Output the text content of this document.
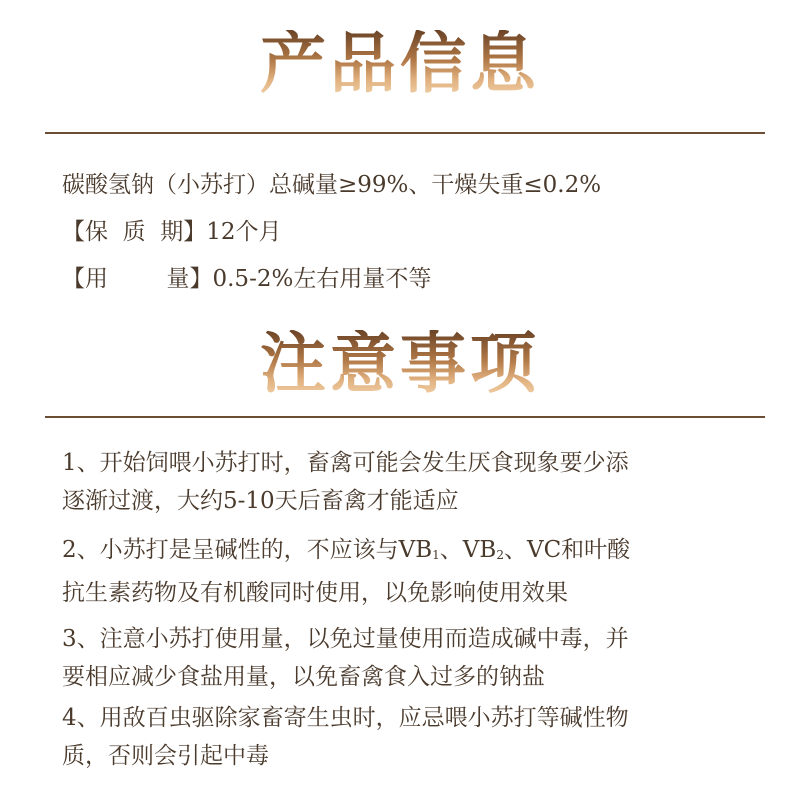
产品信息
碳酸氢钠（小苏打）总碱量≥99%、干燥失重≤0.2%
【保  质  期】12个月
【用        量】0.5-2%左右用量不等
注意事项
1、开始饲喂小苏打时，畜禽可能会发生厌食现象要少添
逐渐过渡，大约5-10天后畜禽才能适应
2、小苏打是呈碱性的，不应该与$VB_1$、$VB_2$、VC和叶酸
抗生素药物及有机酸同时使用，以免影响使用效果
3、注意小苏打使用量，以免过量使用而造成碱中毒，并
要相应减少食盐用量，以免畜禽食入过多的钠盐
4、用敌百虫驱除家畜寄生虫时，应忌喂小苏打等碱性物
质，否则会引起中毒
